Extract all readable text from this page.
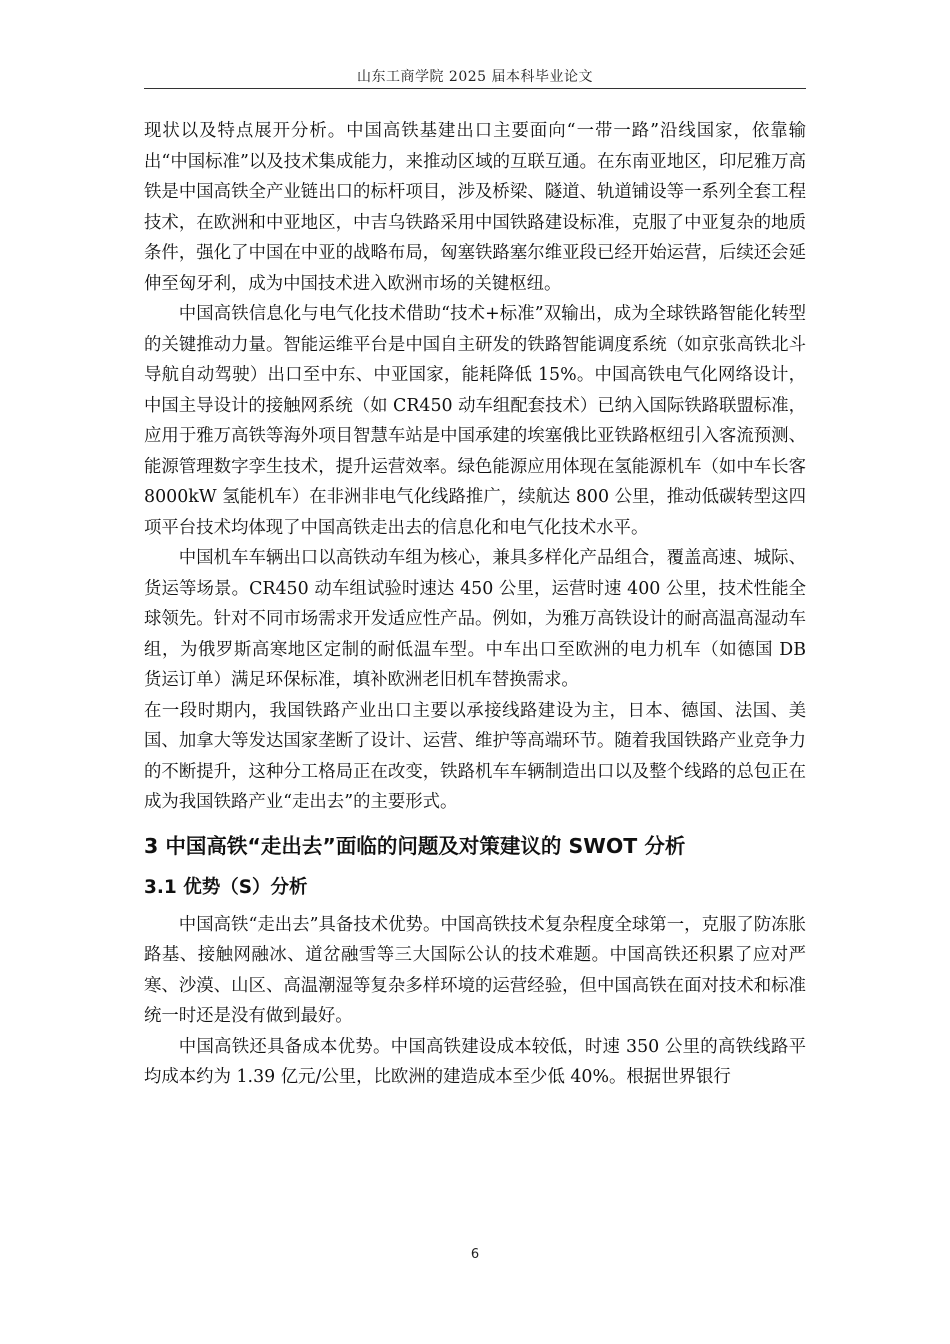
山东工商学院 2025 届本科毕业论文

现状以及特点展开分析。中国高铁基建出口主要面向“一带一路”沿线国家，依靠输出“中国标准”以及技术集成能力，来推动区域的互联互通。在东南亚地区，印尼雅万高铁是中国高铁全产业链出口的标杆项目，涉及桥梁、隧道、轨道铺设等一系列全套工程技术，在欧洲和中亚地区，中吉乌铁路采用中国铁路建设标准，克服了中亚复杂的地质条件，强化了中国在中亚的战略布局，匈塞铁路塞尔维亚段已经开始运营，后续还会延伸至匈牙利，成为中国技术进入欧洲市场的关键枢纽。

中国高铁信息化与电气化技术借助“技术+标准”双输出，成为全球铁路智能化转型的关键推动力量。智能运维平台是中国自主研发的铁路智能调度系统（如京张高铁北斗导航自动驾驶）出口至中东、中亚国家，能耗降低 15%。中国高铁电气化网络设计，中国主导设计的接触网系统（如 CR450 动车组配套技术）已纳入国际铁路联盟标准，应用于雅万高铁等海外项目智慧车站是中国承建的埃塞俄比亚铁路枢纽引入客流预测、能源管理数字孪生技术，提升运营效率。绿色能源应用体现在氢能源机车（如中车长客 8000kW 氢能机车）在非洲非电气化线路推广，续航达 800 公里，推动低碳转型这四项平台技术均体现了中国高铁走出去的信息化和电气化技术水平。

中国机车车辆出口以高铁动车组为核心，兼具多样化产品组合，覆盖高速、城际、货运等场景。CR450 动车组试验时速达 450 公里，运营时速 400 公里，技术性能全球领先。针对不同市场需求开发适应性产品。例如，为雅万高铁设计的耐高温高湿动车组，为俄罗斯高寒地区定制的耐低温车型。中车出口至欧洲的电力机车（如德国 DB 货运订单）满足环保标准，填补欧洲老旧机车替换需求。

在一段时期内，我国铁路产业出口主要以承接线路建设为主，日本、德国、法国、美国、加拿大等发达国家垄断了设计、运营、维护等高端环节。随着我国铁路产业竞争力的不断提升，这种分工格局正在改变，铁路机车车辆制造出口以及整个线路的总包正在成为我国铁路产业“走出去”的主要形式。

3 中国高铁“走出去”面临的问题及对策建议的 SWOT 分析
3.1 优势（S）分析

中国高铁“走出去”具备技术优势。中国高铁技术复杂程度全球第一，克服了防冻胀路基、接触网融冰、道岔融雪等三大国际公认的技术难题。中国高铁还积累了应对严寒、沙漠、山区、高温潮湿等复杂多样环境的运营经验，但中国高铁在面对技术和标准统一时还是没有做到最好。

中国高铁还具备成本优势。中国高铁建设成本较低，时速 350 公里的高铁线路平均成本约为 1.39 亿元/公里，比欧洲的建造成本至少低 40%。根据世界银行

6
